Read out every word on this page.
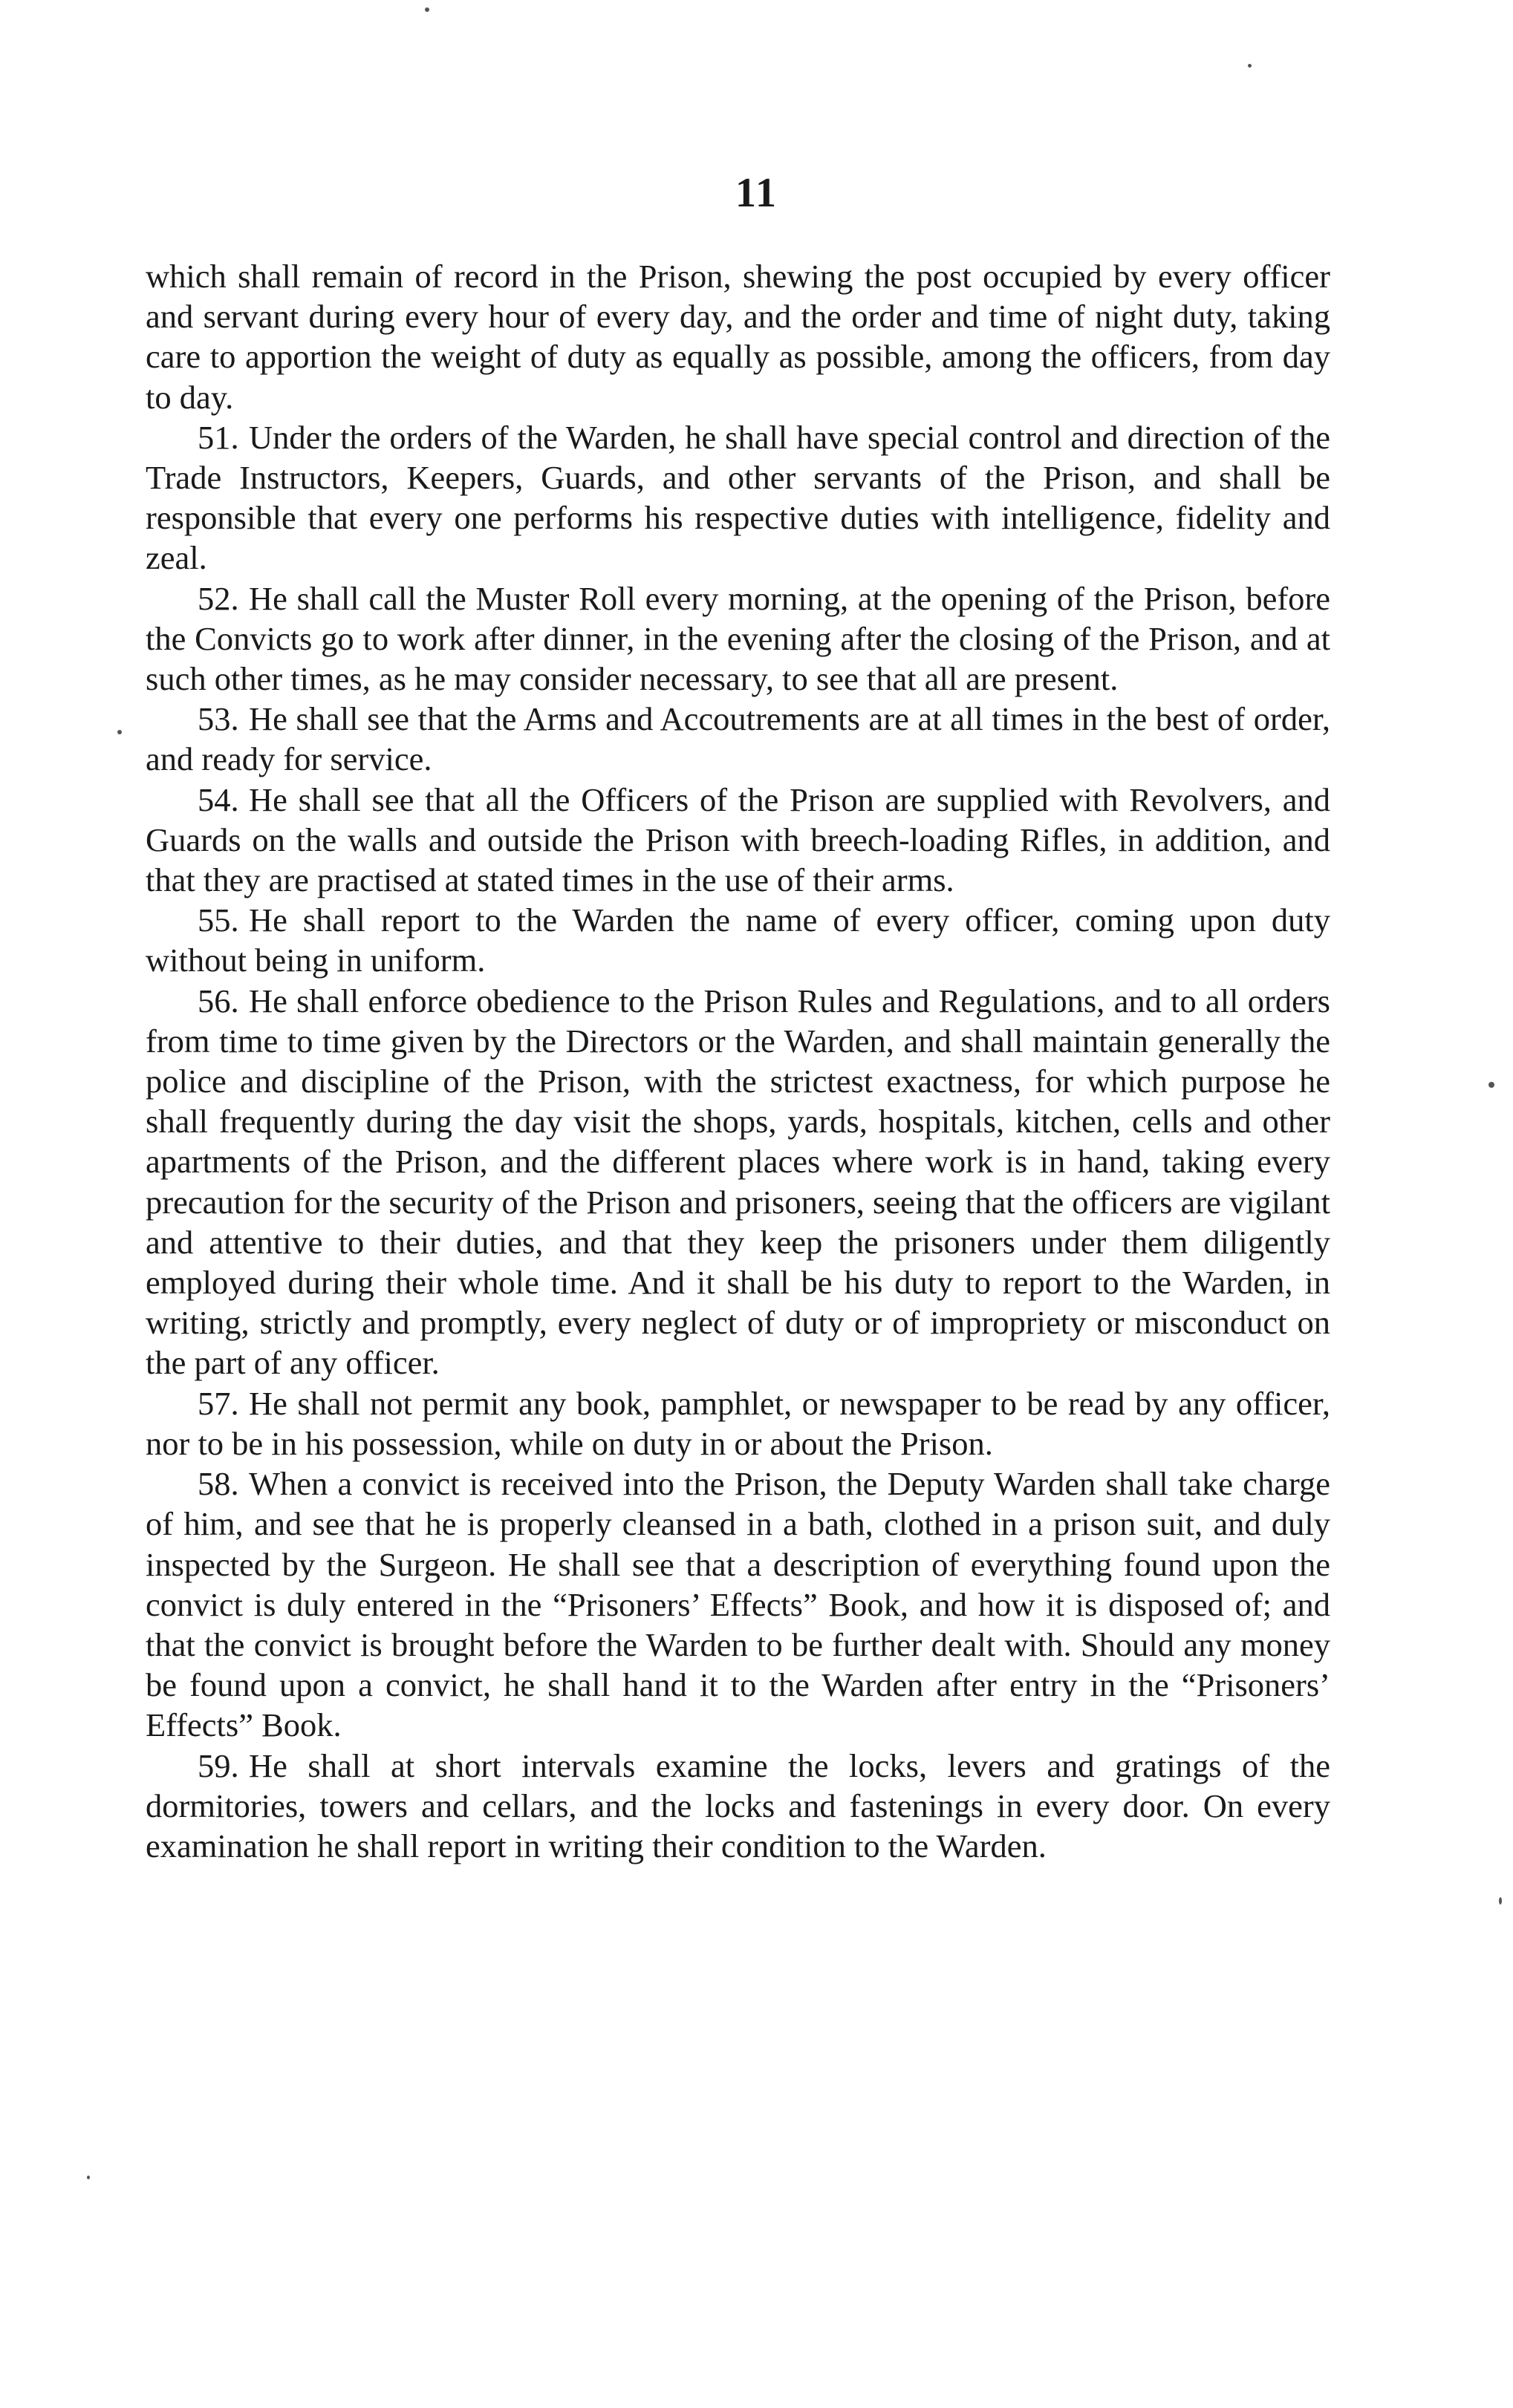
11

which shall remain of record in the Prison, shewing the post occupied by every officer and servant during every hour of every day, and the order and time of night duty, taking care to apportion the weight of duty as equally as possible, among the officers, from day to day.

51. Under the orders of the Warden, he shall have special control and direction of the Trade Instructors, Keepers, Guards, and other servants of the Prison, and shall be responsible that every one performs his respective duties with intelligence, fidelity and zeal.

52. He shall call the Muster Roll every morning, at the opening of the Prison, before the Convicts go to work after dinner, in the evening after the closing of the Prison, and at such other times, as he may consider necessary, to see that all are present.

53. He shall see that the Arms and Accoutrements are at all times in the best of order, and ready for service.

54. He shall see that all the Officers of the Prison are supplied with Revolvers, and Guards on the walls and outside the Prison with breech-loading Rifles, in addition, and that they are practised at stated times in the use of their arms.

55. He shall report to the Warden the name of every officer, coming upon duty without being in uniform.

56. He shall enforce obedience to the Prison Rules and Regulations, and to all orders from time to time given by the Directors or the Warden, and shall maintain generally the police and discipline of the Prison, with the strictest exactness, for which purpose he shall frequently during the day visit the shops, yards, hospitals, kitchen, cells and other apartments of the Prison, and the different places where work is in hand, taking every precaution for the security of the Prison and prisoners, seeing that the officers are vigilant and attentive to their duties, and that they keep the prisoners under them diligently employed during their whole time. And it shall be his duty to report to the Warden, in writing, strictly and promptly, every neglect of duty or of impropriety or misconduct on the part of any officer.

57. He shall not permit any book, pamphlet, or newspaper to be read by any officer, nor to be in his possession, while on duty in or about the Prison.

58. When a convict is received into the Prison, the Deputy Warden shall take charge of him, and see that he is properly cleansed in a bath, clothed in a prison suit, and duly inspected by the Surgeon. He shall see that a description of everything found upon the convict is duly entered in the “Prisoners’ Effects” Book, and how it is disposed of; and that the convict is brought before the Warden to be further dealt with. Should any money be found upon a convict, he shall hand it to the Warden after entry in the “Prisoners’ Effects” Book.

59. He shall at short intervals examine the locks, levers and gratings of the dormitories, towers and cellars, and the locks and fastenings in every door. On every examination he shall report in writing their condition to the Warden.
